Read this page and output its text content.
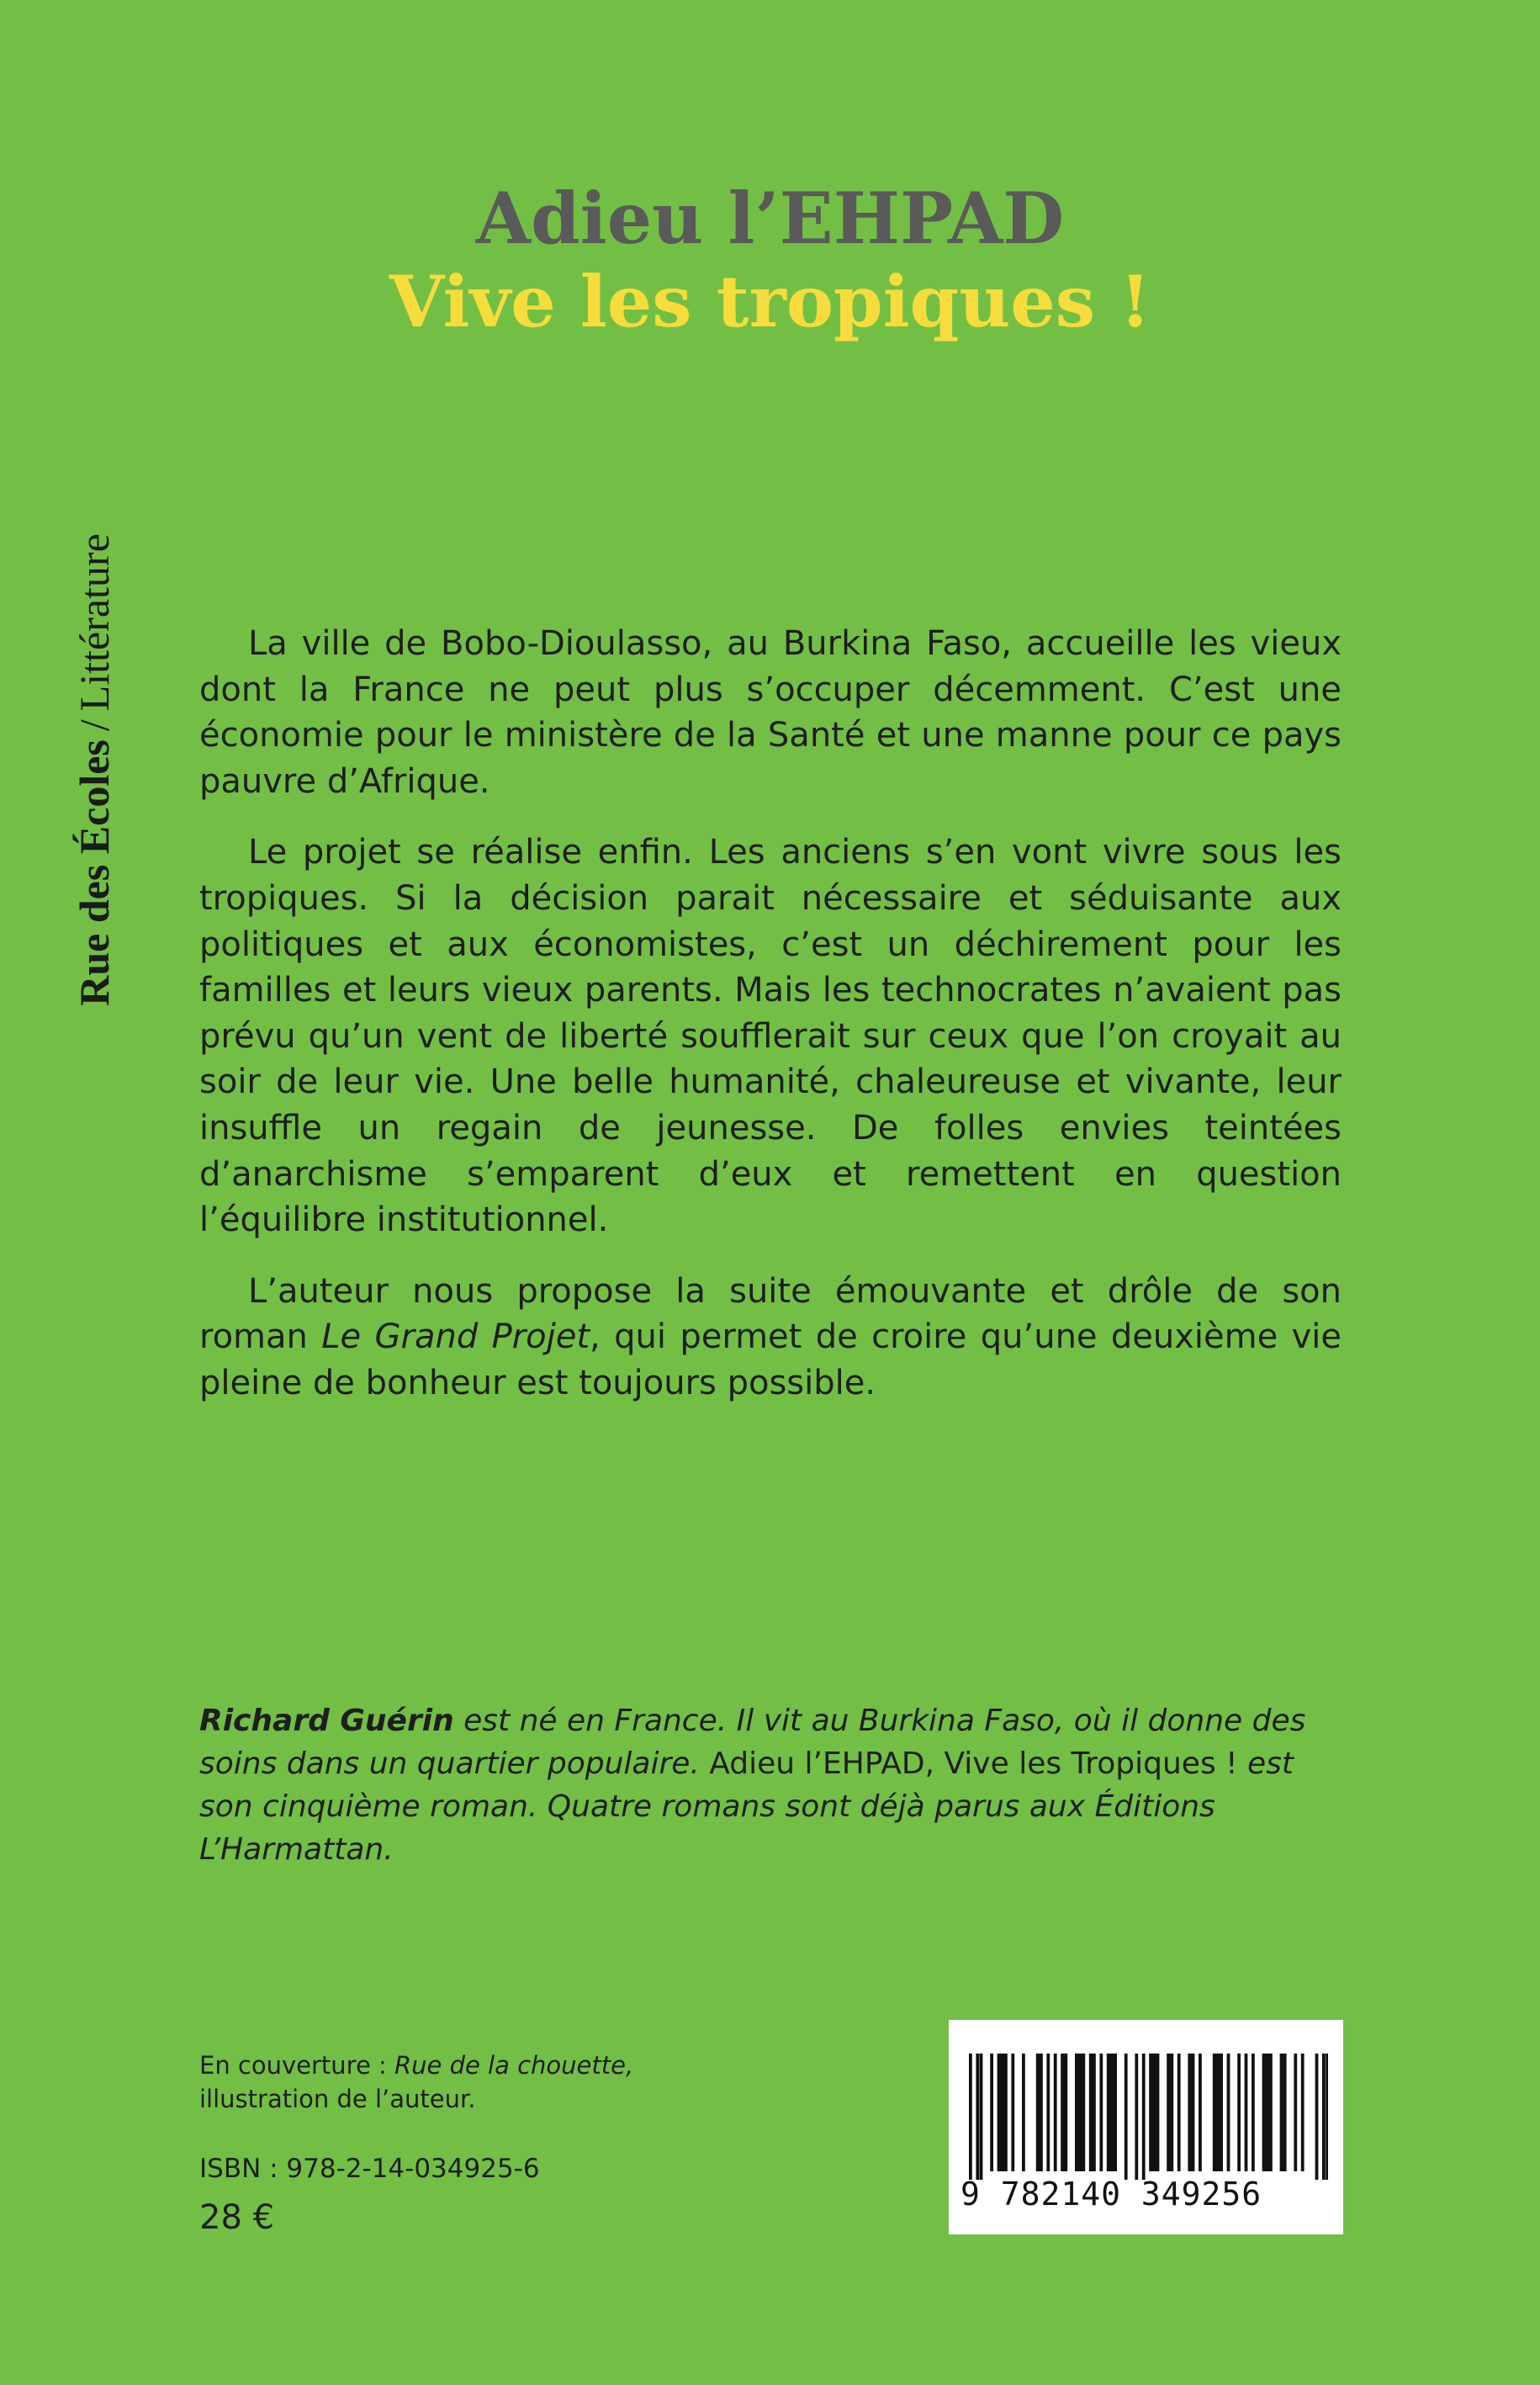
Rue des Écoles/Littérature
Adieu l’EHPAD
Vive les tropiques !

La ville de Bobo-Dioulasso, au Burkina Faso, accueille les vieux dont la France ne peut plus s’occuper décemment. C’est une économie pour le ministère de la Santé et une manne pour ce pays pauvre d’Afrique.

Le projet se réalise enfin. Les anciens s’en vont vivre sous les tropiques. Si la décision parait nécessaire et séduisante aux politiques et aux économistes, c’est un déchirement pour les familles et leurs vieux parents. Mais les technocrates n’avaient pas prévu qu’un vent de liberté soufflerait sur ceux que l’on croyait au soir de leur vie. Une belle humanité, chaleureuse et vivante, leur insuffle un regain de jeunesse. De folles envies teintées d’anarchisme s’emparent d’eux et remettent en question l’équilibre institutionnel.

L’auteur nous propose la suite émouvante et drôle de son roman Le Grand Projet, qui permet de croire qu’une deuxième vie pleine de bonheur est toujours possible.

Richard Guérin est né en France. Il vit au Burkina Faso, où il donne des soins dans un quartier populaire. Adieu l’EHPAD, Vive les Tropiques ! est son cinquième roman. Quatre romans sont déjà parus aux Éditions L’Harmattan.
En couverture : Rue de la chouette,
illustration de l’auteur.
ISBN : 978-2-14-034925-6
28 €
9 782140 349256
